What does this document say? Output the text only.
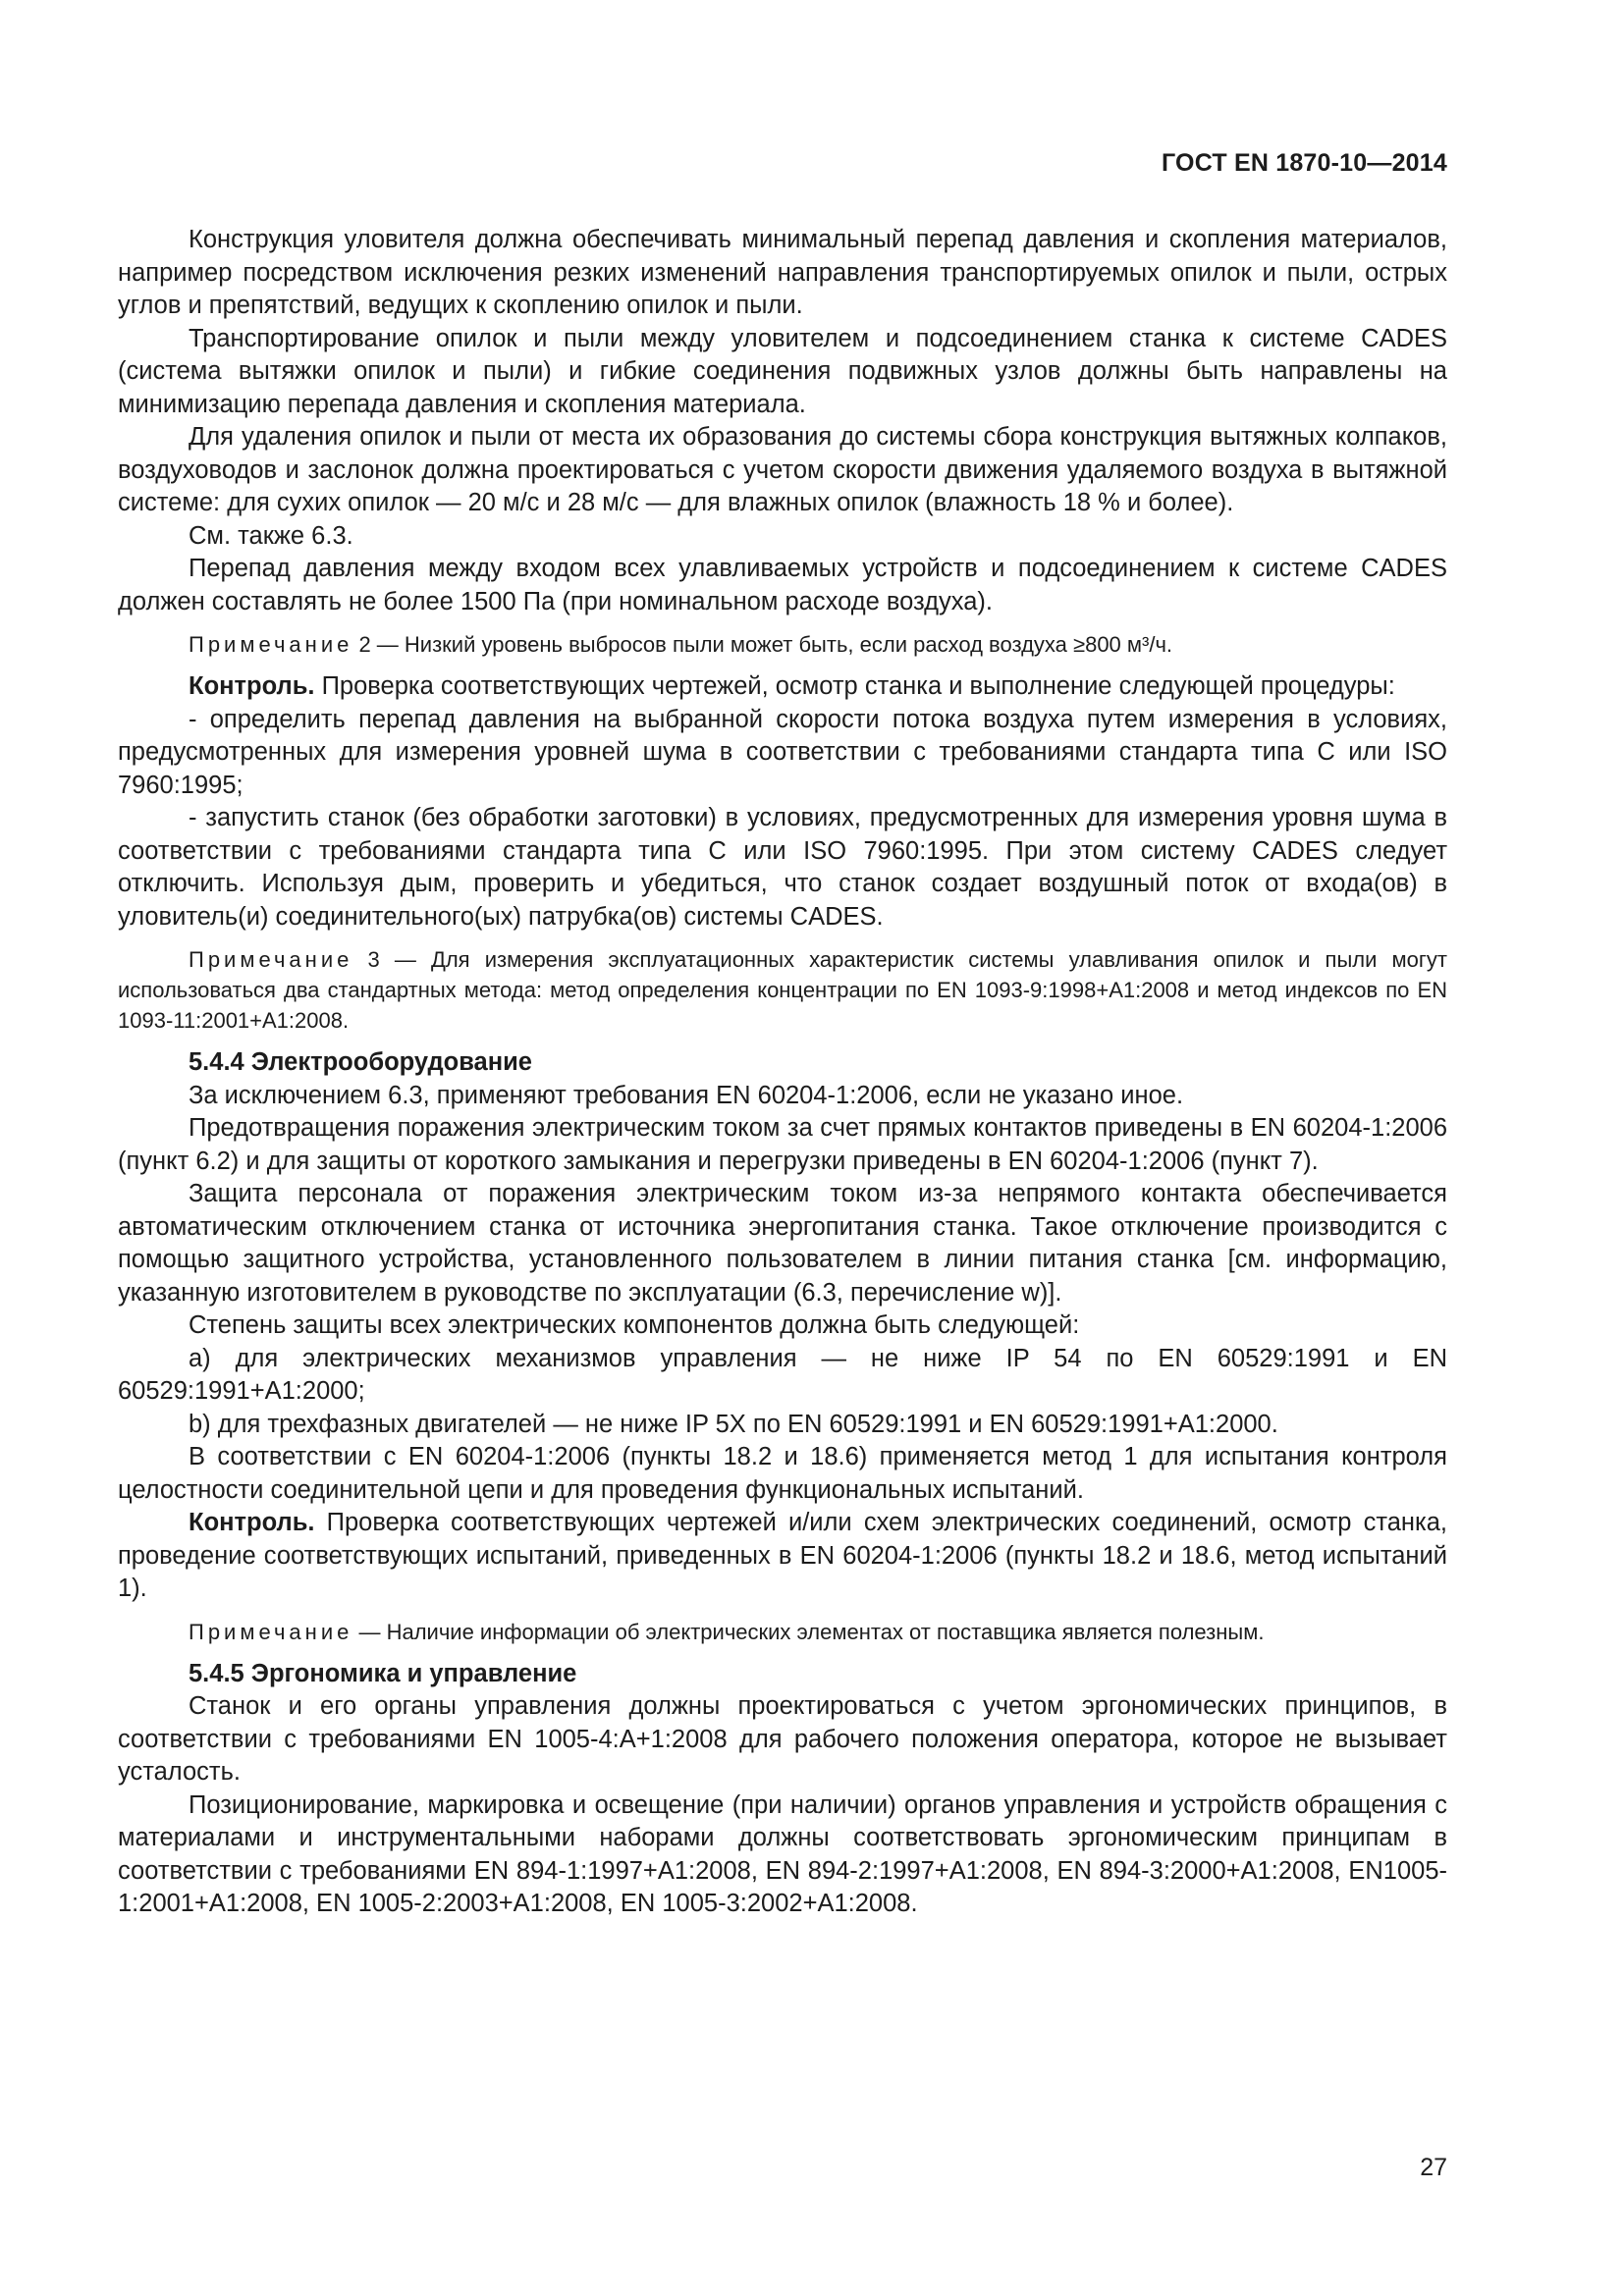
ГОСТ EN 1870-10—2014

Конструкция уловителя должна обеспечивать минимальный перепад давления и скопления материалов, например посредством исключения резких изменений направления транспортируемых опилок и пыли, острых углов и препятствий, ведущих к скоплению опилок и пыли.

Транспортирование опилок и пыли между уловителем и подсоединением станка к системе CADES (система вытяжки опилок и пыли) и гибкие соединения подвижных узлов должны быть направлены на минимизацию перепада давления и скопления материала.

Для удаления опилок и пыли от места их образования до системы сбора конструкция вытяжных колпаков, воздуховодов и заслонок должна проектироваться с учетом скорости движения удаляемого воздуха в вытяжной системе: для сухих опилок — 20 м/с и 28 м/с — для влажных опилок (влажность 18 % и более).

См. также 6.3.

Перепад давления между входом всех улавливаемых устройств и подсоединением к системе CADES должен составлять не более 1500 Па (при номинальном расходе воздуха).

Примечание 2 — Низкий уровень выбросов пыли может быть, если расход воздуха ≥800 м³/ч.

Контроль. Проверка соответствующих чертежей, осмотр станка и выполнение следующей процедуры:

- определить перепад давления на выбранной скорости потока воздуха путем измерения в условиях, предусмотренных для измерения уровней шума в соответствии с требованиями стандарта типа C или ISO 7960:1995;

- запустить станок (без обработки заготовки) в условиях, предусмотренных для измерения уровня шума в соответствии с требованиями стандарта типа C или ISO 7960:1995. При этом систему CADES следует отключить. Используя дым, проверить и убедиться, что станок создает воздушный поток от входа(ов) в уловитель(и) соединительного(ых) патрубка(ов) системы CADES.

Примечание 3 — Для измерения эксплуатационных характеристик системы улавливания опилок и пыли могут использоваться два стандартных метода: метод определения концентрации по EN 1093-9:1998+A1:2008 и метод индексов по EN 1093-11:2001+A1:2008.

5.4.4 Электрооборудование

За исключением 6.3, применяют требования EN 60204-1:2006, если не указано иное.

Предотвращения поражения электрическим током за счет прямых контактов приведены в EN 60204-1:2006 (пункт 6.2) и для защиты от короткого замыкания и перегрузки приведены в EN 60204-1:2006 (пункт 7).

Защита персонала от поражения электрическим током из-за непрямого контакта обеспечивается автоматическим отключением станка от источника энергопитания станка. Такое отключение производится с помощью защитного устройства, установленного пользователем в линии питания станка [см. информацию, указанную изготовителем в руководстве по эксплуатации (6.3, перечисление w)].

Степень защиты всех электрических компонентов должна быть следующей:

a) для электрических механизмов управления — не ниже IP 54 по EN 60529:1991 и EN 60529:1991+A1:2000;

b) для трехфазных двигателей — не ниже IP 5X по EN 60529:1991 и EN 60529:1991+A1:2000.

В соответствии с EN 60204-1:2006 (пункты 18.2 и 18.6) применяется метод 1 для испытания контроля целостности соединительной цепи и для проведения функциональных испытаний.

Контроль. Проверка соответствующих чертежей и/или схем электрических соединений, осмотр станка, проведение соответствующих испытаний, приведенных в EN 60204-1:2006 (пункты 18.2 и 18.6, метод испытаний 1).

Примечание — Наличие информации об электрических элементах от поставщика является полезным.

5.4.5 Эргономика и управление

Станок и его органы управления должны проектироваться с учетом эргономических принципов, в соответствии с требованиями EN 1005-4:A+1:2008 для рабочего положения оператора, которое не вызывает усталость.

Позиционирование, маркировка и освещение (при наличии) органов управления и устройств обращения с материалами и инструментальными наборами должны соответствовать эргономическим принципам в соответствии с требованиями EN 894-1:1997+A1:2008, EN 894-2:1997+A1:2008, EN 894-3:2000+A1:2008, EN1005-1:2001+A1:2008, EN 1005-2:2003+A1:2008, EN 1005-3:2002+A1:2008.

27
